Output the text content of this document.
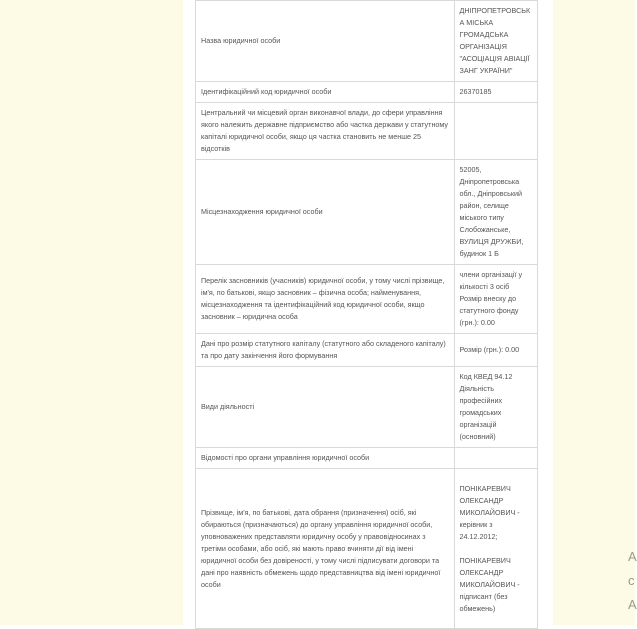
Назва юридичної особи	ДНІПРОПЕТРОВСЬКА МІСЬКА ГРОМАДСЬКА ОРГАНІЗАЦІЯ "АСОЦІАЦІЯ АВІАЦІЇ ЗАНГ УКРАЇНИ"
Ідентифікаційний код юридичної особи	26370185
Центральний чи місцевий орган виконавчої влади, до сфери управління якого належить державне підприємство або частка держави у статутному капіталі юридичної особи, якщо ця частка становить не менше 25 відсотків	
Місцезнаходження юридичної особи	52005, Дніпропетровська обл., Дніпровський район, селище міського типу Слобожанське, ВУЛИЦЯ ДРУЖБИ, будинок 1 Б
Перелік засновників (учасників) юридичної особи, у тому числі прізвище, ім'я, по батькові, якщо засновник – фізична особа; найменування, місцезнаходження та ідентифікаційний код юридичної особи, якщо засновник – юридична особа	члени організації у кількості 3 осіб Розмір внеску до статутного фонду (грн.): 0.00
Дані про розмір статутного капіталу (статутного або складеного капіталу) та про дату закінчення його формування	Розмір (грн.): 0.00
Види діяльності	Код КВЕД 94.12 Діяльність професійних громадських організацій (основний)
Відомості про органи управління юридичної особи	
Прізвище, ім'я, по батькові, дата обрання (призначення) осіб, які обираються (призначаються) до органу управління юридичної особи, уповноважених представляти юридичну особу у правовідносинах з третіми особами, або осіб, які мають право вчиняти дії від імені юридичної особи без довіреності, у тому числі підписувати договори та дані про наявність обмежень щодо представництва від імені юридичної особи	ПОНІКАРЕВИЧ ОЛЕКСАНДР МИКОЛАЙОВИЧ - керівник з 24.12.2012;

ПОНІКАРЕВИЧ ОЛЕКСАНДР МИКОЛАЙОВИЧ - підписант (без обмежень)
Α
c
A
